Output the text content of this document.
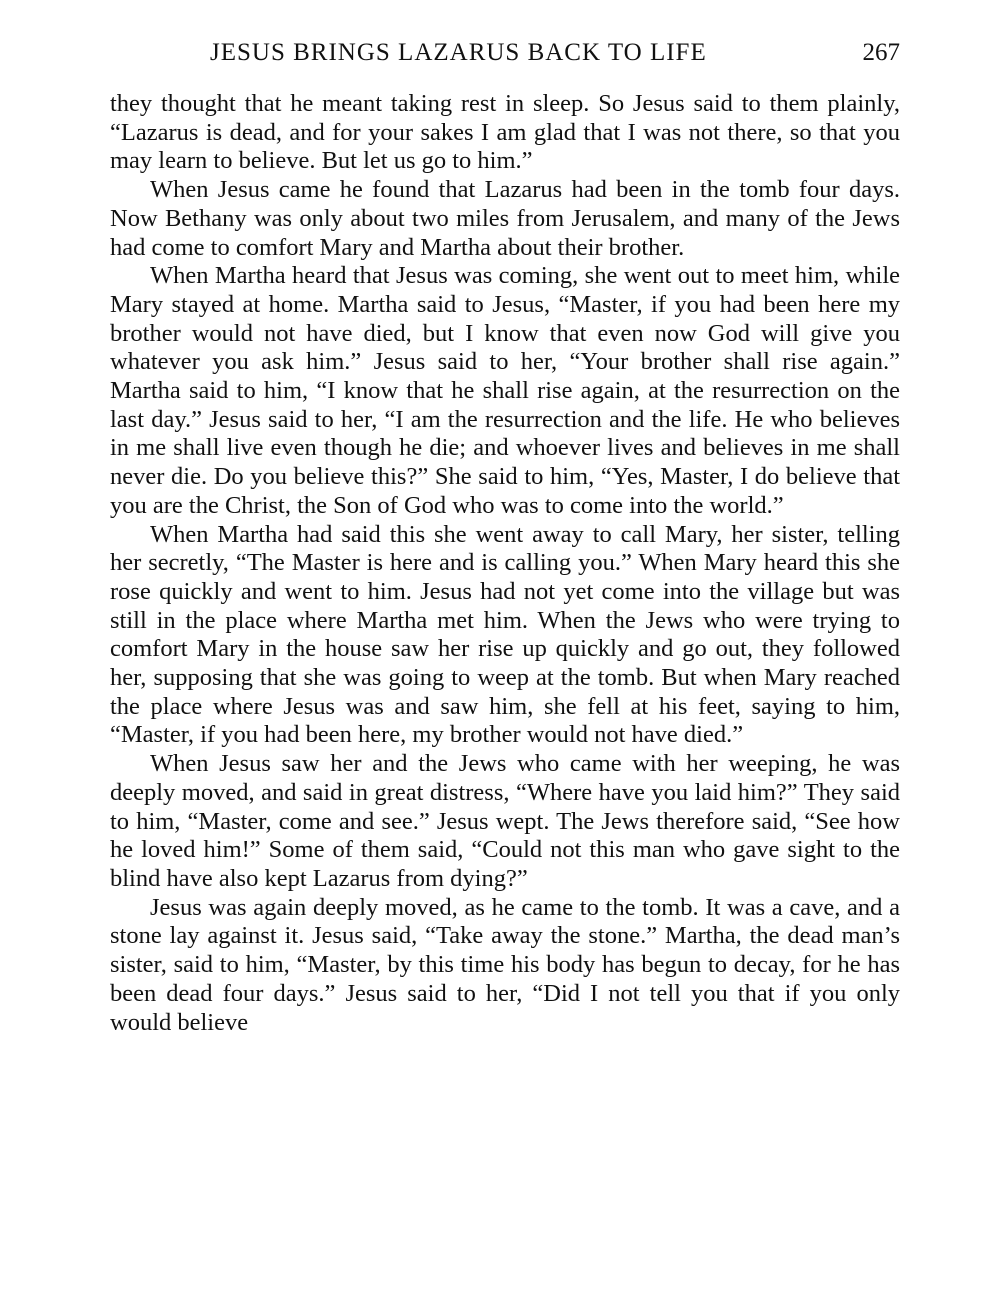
JESUS BRINGS LAZARUS BACK TO LIFE	267

they thought that he meant taking rest in sleep. So Jesus said to them plainly, “Lazarus is dead, and for your sakes I am glad that I was not there, so that you may learn to believe. But let us go to him.”

When Jesus came he found that Lazarus had been in the tomb four days. Now Bethany was only about two miles from Jerusalem, and many of the Jews had come to comfort Mary and Martha about their brother.

When Martha heard that Jesus was coming, she went out to meet him, while Mary stayed at home. Martha said to Jesus, “Master, if you had been here my brother would not have died, but I know that even now God will give you whatever you ask him.” Jesus said to her, “Your brother shall rise again.” Martha said to him, “I know that he shall rise again, at the resurrection on the last day.” Jesus said to her, “I am the resurrection and the life. He who believes in me shall live even though he die; and whoever lives and believes in me shall never die. Do you believe this?” She said to him, “Yes, Master, I do believe that you are the Christ, the Son of God who was to come into the world.”

When Martha had said this she went away to call Mary, her sister, telling her secretly, “The Master is here and is calling you.” When Mary heard this she rose quickly and went to him. Jesus had not yet come into the village but was still in the place where Martha met him. When the Jews who were trying to comfort Mary in the house saw her rise up quickly and go out, they followed her, supposing that she was going to weep at the tomb. But when Mary reached the place where Jesus was and saw him, she fell at his feet, saying to him, “Master, if you had been here, my brother would not have died.”

When Jesus saw her and the Jews who came with her weeping, he was deeply moved, and said in great distress, “Where have you laid him?” They said to him, “Master, come and see.” Jesus wept. The Jews therefore said, “See how he loved him!” Some of them said, “Could not this man who gave sight to the blind have also kept Lazarus from dying?”

Jesus was again deeply moved, as he came to the tomb. It was a cave, and a stone lay against it. Jesus said, “Take away the stone.” Martha, the dead man’s sister, said to him, “Master, by this time his body has begun to decay, for he has been dead four days.” Jesus said to her, “Did I not tell you that if you only would believe
